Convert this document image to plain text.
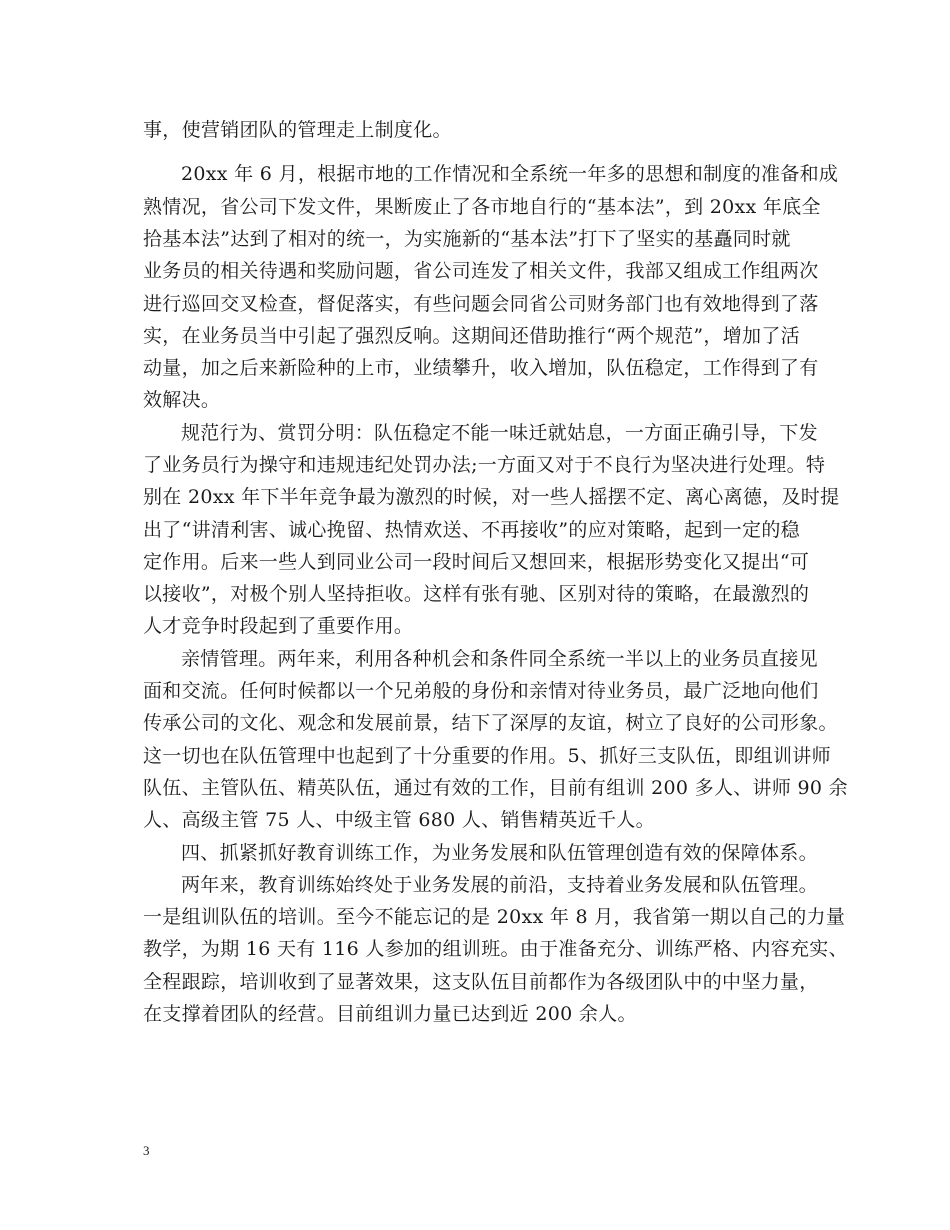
事，使营销团队的管理走上制度化。
20xx 年 6 月，根据市地的工作情况和全系统一年多的思想和制度的准备和成
熟情况，省公司下发文件，果断废止了各市地自行的“基本法”，到 20xx 年底全
拾基本法”达到了相对的统一，为实施新的“基本法”打下了坚实的基矗同时就
业务员的相关待遇和奖励问题，省公司连发了相关文件，我部又组成工作组两次
进行巡回交叉检查，督促落实，有些问题会同省公司财务部门也有效地得到了落
实，在业务员当中引起了强烈反响。这期间还借助推行“两个规范”，增加了活
动量，加之后来新险种的上市，业绩攀升，收入增加，队伍稳定，工作得到了有
效解决。
规范行为、赏罚分明：队伍稳定不能一味迁就姑息，一方面正确引导，下发
了业务员行为操守和违规违纪处罚办法;一方面又对于不良行为坚决进行处理。特
别在 20xx 年下半年竞争最为激烈的时候，对一些人摇摆不定、离心离德，及时提
出了“讲清利害、诚心挽留、热情欢送、不再接收”的应对策略，起到一定的稳
定作用。后来一些人到同业公司一段时间后又想回来，根据形势变化又提出“可
以接收”，对极个别人坚持拒收。这样有张有驰、区别对待的策略，在最激烈的
人才竞争时段起到了重要作用。
亲情管理。两年来，利用各种机会和条件同全系统一半以上的业务员直接见
面和交流。任何时候都以一个兄弟般的身份和亲情对待业务员，最广泛地向他们
传承公司的文化、观念和发展前景，结下了深厚的友谊，树立了良好的公司形象。
这一切也在队伍管理中也起到了十分重要的作用。5、抓好三支队伍，即组训讲师
队伍、主管队伍、精英队伍，通过有效的工作，目前有组训 200 多人、讲师 90 余
人、高级主管 75 人、中级主管 680 人、销售精英近千人。
四、抓紧抓好教育训练工作，为业务发展和队伍管理创造有效的保障体系。
两年来，教育训练始终处于业务发展的前沿，支持着业务发展和队伍管理。
一是组训队伍的培训。至今不能忘记的是 20xx 年 8 月，我省第一期以自己的力量
教学，为期 16 天有 116 人参加的组训班。由于准备充分、训练严格、内容充实、
全程跟踪，培训收到了显著效果，这支队伍目前都作为各级团队中的中坚力量，
在支撑着团队的经营。目前组训力量已达到近 200 余人。
3
